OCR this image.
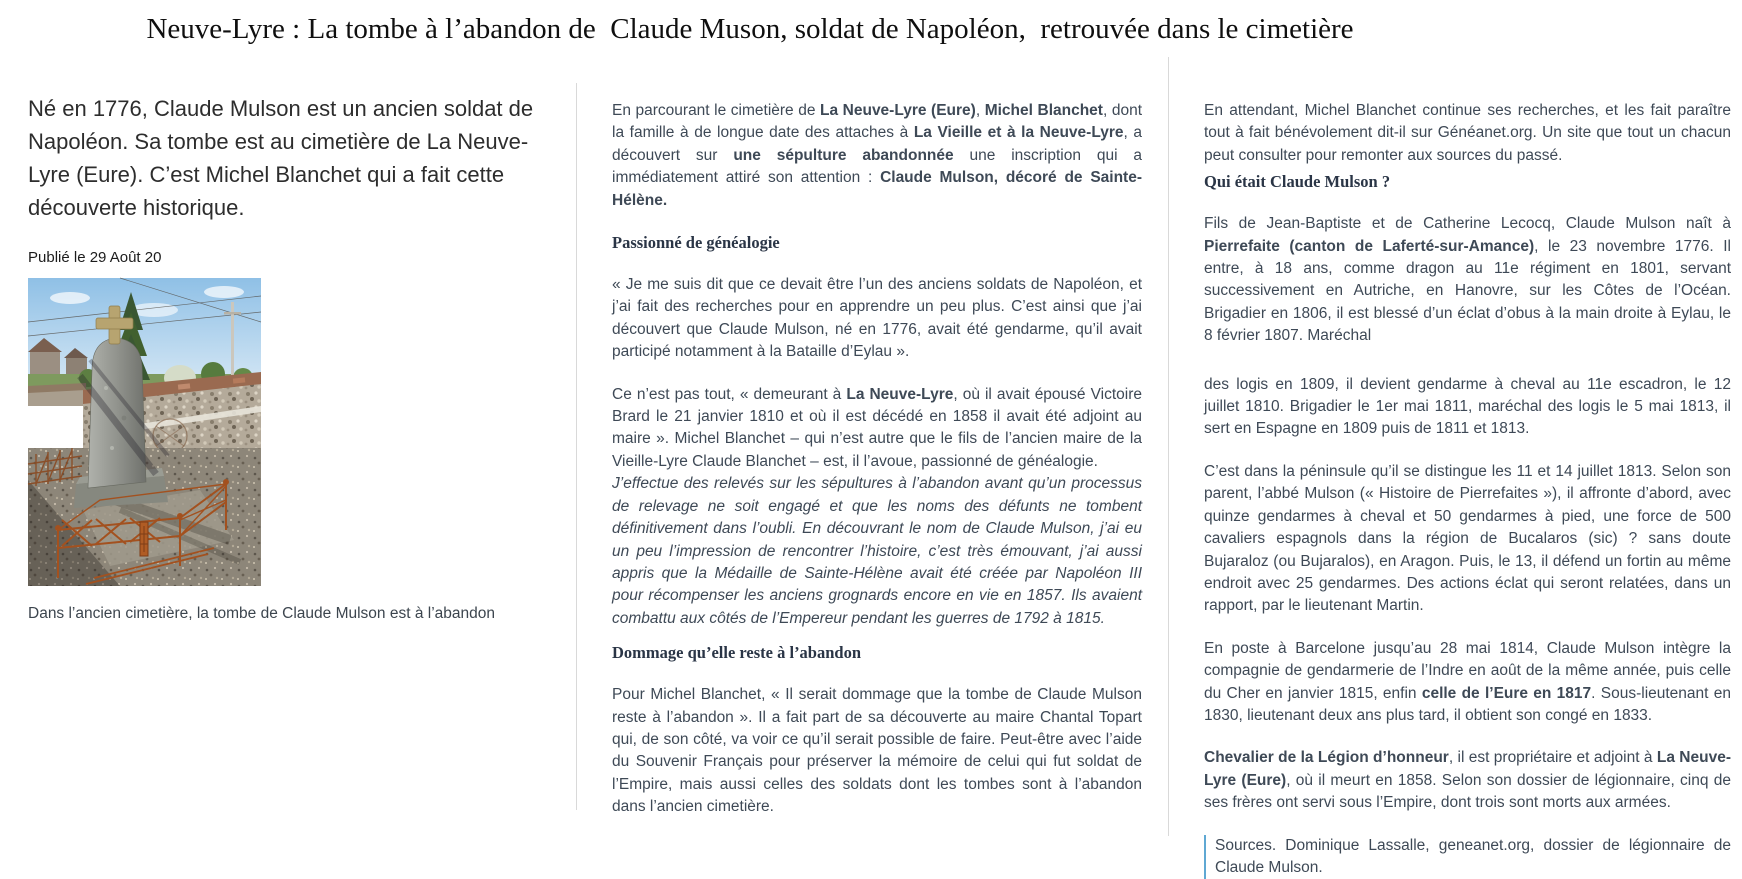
Neuve-Lyre : La tombe à l’abandon de  Claude Muson, soldat de Napoléon,  retrouvée dans le cimetière

Né en 1776, Claude Mulson est un ancien soldat de Napoléon. Sa tombe est au cimetière de La Neuve-Lyre (Eure). C’est Michel Blanchet qui a fait cette découverte historique.

Publié le 29 Août 20
Dans l’ancien cimetière, la tombe de Claude Mulson est à l’abandon

En parcourant le cimetière de La Neuve-Lyre (Eure), Michel Blanchet, dont la famille à de longue date des attaches à La Vieille et à la Neuve-Lyre, a découvert sur une sépulture abandonnée une inscription qui a immédiatement attiré son attention : Claude Mulson, décoré de Sainte-Hélène.

Passionné de généalogie

« Je me suis dit que ce devait être l’un des anciens soldats de Napoléon, et j’ai fait des recherches pour en apprendre un peu plus. C’est ainsi que j’ai découvert que Claude Mulson, né en 1776, avait été gendarme, qu’il avait participé notamment à la Bataille d’Eylau ».

Ce n’est pas tout, « demeurant à La Neuve-Lyre, où il avait épousé Victoire Brard le 21 janvier 1810 et où il est décédé en 1858 il avait été adjoint au maire ». Michel Blanchet – qui n’est autre que le fils de l’ancien maire de la Vieille-Lyre Claude Blanchet – est, il l’avoue, passionné de généalogie.

J’effectue des relevés sur les sépultures à l’abandon avant qu’un processus de relevage ne soit engagé et que les noms des défunts ne tombent définitivement dans l’oubli. En découvrant le nom de Claude Mulson, j’ai eu un peu l’impression de rencontrer l’histoire, c’est très émouvant, j’ai aussi appris que la Médaille de Sainte-Hélène avait été créée par Napoléon III pour récompenser les anciens grognards encore en vie en 1857. Ils avaient combattu aux côtés de l’Empereur pendant les guerres de 1792 à 1815.

Dommage qu’elle reste à l’abandon

Pour Michel Blanchet, « Il serait dommage que la tombe de Claude Mulson reste à l’abandon ». Il a fait part de sa découverte au maire Chantal Topart qui, de son côté, va voir ce qu’il serait possible de faire. Peut-être avec l’aide du Souvenir Français pour préserver la mémoire de celui qui fut soldat de l’Empire, mais aussi celles des soldats dont les tombes sont à l’abandon dans l’ancien cimetière.

En attendant, Michel Blanchet continue ses recherches, et les fait paraître tout à fait bénévolement dit-il sur Généanet.org. Un site que tout un chacun peut consulter pour remonter aux sources du passé.

Qui était Claude Mulson ?

Fils de Jean-Baptiste et de Catherine Lecocq, Claude Mulson naît à Pierrefaite (canton de Laferté-sur-Amance), le 23 novembre 1776. Il entre, à 18 ans, comme dragon au 11e régiment en 1801, servant successivement en Autriche, en Hanovre, sur les Côtes de l’Océan. Brigadier en 1806, il est blessé d’un éclat d’obus à la main droite à Eylau, le 8 février 1807. Maréchal

des logis en 1809, il devient gendarme à cheval au 11e escadron, le 12 juillet 1810. Brigadier le 1er mai 1811, maréchal des logis le 5 mai 1813, il sert en Espagne en 1809 puis de 1811 et 1813.

C’est dans la péninsule qu’il se distingue les 11 et 14 juillet 1813. Selon son parent, l’abbé Mulson (« Histoire de Pierrefaites »), il affronte d’abord, avec quinze gendarmes à cheval et 50 gendarmes à pied, une force de 500 cavaliers espagnols dans la région de Bucalaros (sic) ? sans doute Bujaraloz (ou Bujaralos), en Aragon. Puis, le 13, il défend un fortin au même endroit avec 25 gendarmes. Des actions éclat qui seront relatées, dans un rapport, par le lieutenant Martin.

En poste à Barcelone jusqu’au 28 mai 1814, Claude Mulson intègre la compagnie de gendarmerie de l’Indre en août de la même année, puis celle du Cher en janvier 1815, enfin celle de l’Eure en 1817. Sous-lieutenant en 1830, lieutenant deux ans plus tard, il obtient son congé en 1833.

Chevalier de la Légion d’honneur, il est propriétaire et adjoint à La Neuve-Lyre (Eure), où il meurt en 1858. Selon son dossier de légionnaire, cinq de ses frères ont servi sous l’Empire, dont trois sont morts aux armées.

Sources. Dominique Lassalle, geneanet.org, dossier de légionnaire de Claude Mulson.
